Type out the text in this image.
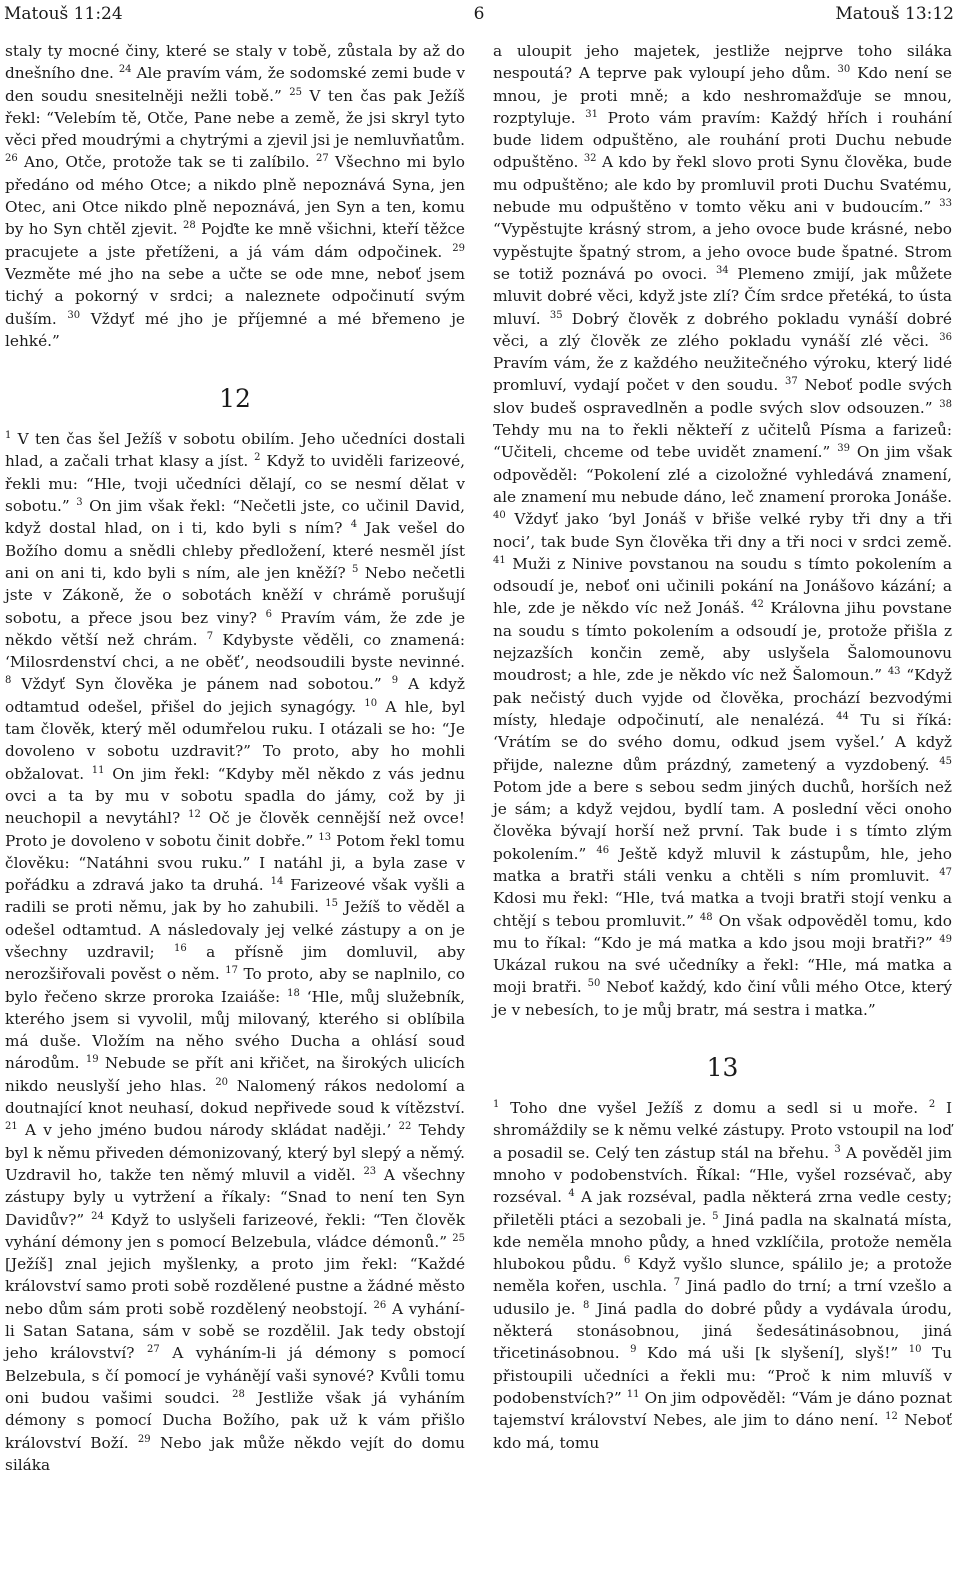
Matouš 11:24	6	Matouš 13:12

staly ty mocné činy, které se staly v tobě, zůstala by až do dnešního dne. $^{24}$ Ale pravím vám, že sodomské zemi bude v den soudu snesitelněji nežli tobě.” $^{25}$ V ten čas pak Ježíš řekl: “Velebím tě, Otče, Pane nebe a země, že jsi skryl tyto věci před moudrými a chytrými a zjevil jsi je nemluvňatům. $^{26}$ Ano, Otče, protože tak se ti zalíbilo. $^{27}$ Všechno mi bylo předáno od mého Otce; a nikdo plně nepoznává Syna, jen Otec, ani Otce nikdo plně nepoznává, jen Syn a ten, komu by ho Syn chtěl zjevit. $^{28}$ Pojďte ke mně všichni, kteří těžce pracujete a jste přetíženi, a já vám dám odpočinek. $^{29}$ Vezměte mé jho na sebe a učte se ode mne, neboť jsem tichý a pokorný v srdci; a naleznete odpočinutí svým duším. $^{30}$ Vždyť mé jho je příjemné a mé břemeno je lehké.”

12

$^1$ V ten čas šel Ježíš v sobotu obilím. Jeho učedníci dostali hlad, a začali trhat klasy a jíst. $^2$ Když to uviděli farizeové, řekli mu: “Hle, tvoji učedníci dělají, co se nesmí dělat v sobotu.” $^3$ On jim však řekl: “Nečetli jste, co učinil David, když dostal hlad, on i ti, kdo byli s ním? $^4$ Jak vešel do Božího domu a snědli chleby předložení, které nesměl jíst ani on ani ti, kdo byli s ním, ale jen kněží? $^5$ Nebo nečetli jste v Zákoně, že o sobotách kněží v chrámě porušují sobotu, a přece jsou bez viny? $^6$ Pravím vám, že zde je někdo větší než chrám. $^7$ Kdybyste věděli, co znamená: ‘Milosrdenství chci, a ne oběť’, neodsoudili byste nevinné. $^8$ Vždyť Syn člověka je pánem nad sobotou.” $^9$ A když odtamtud odešel, přišel do jejich synagógy. $^{10}$ A hle, byl tam člověk, který měl odumřelou ruku. I otázali se ho: “Je dovoleno v sobotu uzdravit?” To proto, aby ho mohli obžalovat. $^{11}$ On jim řekl: “Kdyby měl někdo z vás jednu ovci a ta by mu v sobotu spadla do jámy, což by ji neuchopil a nevytáhl? $^{12}$ Oč je člověk cennější než ovce! Proto je dovoleno v sobotu činit dobře.” $^{13}$ Potom řekl tomu člověku: “Natáhni svou ruku.” I natáhl ji, a byla zase v pořádku a zdravá jako ta druhá. $^{14}$ Farizeové však vyšli a radili se proti němu, jak by ho zahubili. $^{15}$ Ježíš to věděl a odešel odtamtud. A následovaly jej velké zástupy a on je všechny uzdravil; $^{16}$ a přísně jim domluvil, aby nerozšiřovali pověst o něm. $^{17}$ To proto, aby se naplnilo, co bylo řečeno skrze proroka Izaiáše: $^{18}$ ‘Hle, můj služebník, kterého jsem si vyvolil, můj milovaný, kterého si oblíbila má duše. Vložím na něho svého Ducha a ohlásí soud národům. $^{19}$ Nebude se přít ani křičet, na širokých ulicích nikdo neuslyší jeho hlas. $^{20}$ Nalomený rákos nedolomí a doutnající knot neuhasí, dokud nepřivede soud k vítězství. $^{21}$ A v jeho jméno budou národy skládat naději.’ $^{22}$ Tehdy byl k němu přiveden démonizovaný, který byl slepý a němý. Uzdravil ho, takže ten němý mluvil a viděl. $^{23}$ A všechny zástupy byly u vytržení a říkaly: “Snad to není ten Syn Davidův?” $^{24}$ Když to uslyšeli farizeové, řekli: “Ten člověk vyhání démony jen s pomocí Belzebula, vládce démonů.” $^{25}$ [Ježíš] znal jejich myšlenky, a proto jim řekl: “Každé království samo proti sobě rozdělené pustne a žádné město nebo dům sám proti sobě rozdělený neobstojí. $^{26}$ A vyhání-li Satan Satana, sám v sobě se rozdělil. Jak tedy obstojí jeho království? $^{27}$ A vyháním-li já démony s pomocí Belzebula, s čí pomocí je vyhánějí vaši synové? Kvůli tomu oni budou vašimi soudci. $^{28}$ Jestliže však já vyháním démony s pomocí Ducha Božího, pak už k vám přišlo království Boží. $^{29}$ Nebo jak může někdo vejít do domu siláka

a uloupit jeho majetek, jestliže nejprve toho siláka nespoutá? A teprve pak vyloupí jeho dům. $^{30}$ Kdo není se mnou, je proti mně; a kdo neshromažďuje se mnou, rozptyluje. $^{31}$ Proto vám pravím: Každý hřích i rouhání bude lidem odpuštěno, ale rouhání proti Duchu nebude odpuštěno. $^{32}$ A kdo by řekl slovo proti Synu člověka, bude mu odpuštěno; ale kdo by promluvil proti Duchu Svatému, nebude mu odpuštěno v tomto věku ani v budoucím.” $^{33}$ “Vypěstujte krásný strom, a jeho ovoce bude krásné, nebo vypěstujte špatný strom, a jeho ovoce bude špatné. Strom se totiž poznává po ovoci. $^{34}$ Plemeno zmijí, jak můžete mluvit dobré věci, když jste zlí? Čím srdce přetéká, to ústa mluví. $^{35}$ Dobrý člověk z dobrého pokladu vynáší dobré věci, a zlý člověk ze zlého pokladu vynáší zlé věci. $^{36}$ Pravím vám, že z každého neužitečného výroku, který lidé promluví, vydají počet v den soudu. $^{37}$ Neboť podle svých slov budeš ospravedlněn a podle svých slov odsouzen.” $^{38}$ Tehdy mu na to řekli někteří z učitelů Písma a farizeů: “Učiteli, chceme od tebe uvidět znamení.” $^{39}$ On jim však odpověděl: “Pokolení zlé a cizoložné vyhledává znamení, ale znamení mu nebude dáno, leč znamení proroka Jonáše. $^{40}$ Vždyť jako ‘byl Jonáš v břiše velké ryby tři dny a tři noci’, tak bude Syn člověka tři dny a tři noci v srdci země. $^{41}$ Muži z Ninive povstanou na soudu s tímto pokolením a odsoudí je, neboť oni učinili pokání na Jonášovo kázání; a hle, zde je někdo víc než Jonáš. $^{42}$ Královna jihu povstane na soudu s tímto pokolením a odsoudí je, protože přišla z nejzazších končin země, aby uslyšela Šalomounovu moudrost; a hle, zde je někdo víc než Šalomoun.” $^{43}$ “Když pak nečistý duch vyjde od člověka, prochází bezvodými místy, hledaje odpočinutí, ale nenalézá. $^{44}$ Tu si říká: ‘Vrátím se do svého domu, odkud jsem vyšel.’ A když přijde, nalezne dům prázdný, zametený a vyzdobený. $^{45}$ Potom jde a bere s sebou sedm jiných duchů, horších než je sám; a když vejdou, bydlí tam. A poslední věci onoho člověka bývají horší než první. Tak bude i s tímto zlým pokolením.” $^{46}$ Ještě když mluvil k zástupům, hle, jeho matka a bratři stáli venku a chtěli s ním promluvit. $^{47}$ Kdosi mu řekl: “Hle, tvá matka a tvoji bratři stojí venku a chtějí s tebou promluvit.” $^{48}$ On však odpověděl tomu, kdo mu to říkal: “Kdo je má matka a kdo jsou moji bratři?” $^{49}$ Ukázal rukou na své učedníky a řekl: “Hle, má matka a moji bratři. $^{50}$ Neboť každý, kdo činí vůli mého Otce, který je v nebesích, to je můj bratr, má sestra i matka.”

13

$^1$ Toho dne vyšel Ježíš z domu a sedl si u moře. $^2$ I shromáždily se k němu velké zástupy. Proto vstoupil na loď a posadil se. Celý ten zástup stál na břehu. $^3$ A pověděl jim mnoho v podobenstvích. Říkal: “Hle, vyšel rozsévač, aby rozséval. $^4$ A jak rozséval, padla některá zrna vedle cesty; přiletěli ptáci a sezobali je. $^5$ Jiná padla na skalnatá místa, kde neměla mnoho půdy, a hned vzklíčila, protože neměla hlubokou půdu. $^6$ Když vyšlo slunce, spálilo je; a protože neměla kořen, uschla. $^7$ Jiná padlo do trní; a trní vzešlo a udusilo je. $^8$ Jiná padla do dobré půdy a vydávala úrodu, některá stonásobnou, jiná šedesátinásobnou, jiná třicetinásobnou. $^9$ Kdo má uši [k slyšení], slyš!” $^{10}$ Tu přistoupili učedníci a řekli mu: “Proč k nim mluvíš v podobenstvích?” $^{11}$ On jim odpověděl: “Vám je dáno poznat tajemství království Nebes, ale jim to dáno není. $^{12}$ Neboť kdo má, tomu
